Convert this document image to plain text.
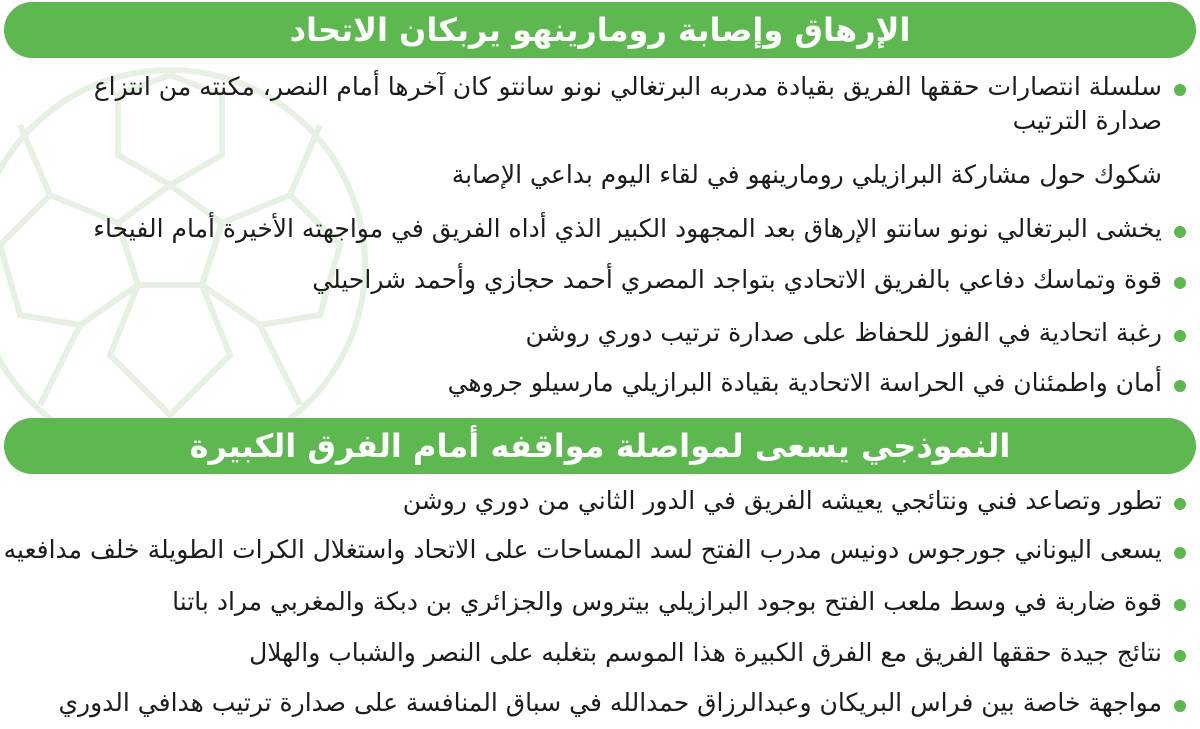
الإرهاق وإصابة رومارينهو يربكان الاتحاد
سلسلة انتصارات حققها الفريق بقيادة مدربه البرتغالي نونو سانتو كان آخرها أمام النصر، مكنته من انتزاع صدارة الترتيب
شكوك حول مشاركة البرازيلي رومارينهو في لقاء اليوم بداعي الإصابة
يخشى البرتغالي نونو سانتو الإرهاق بعد المجهود الكبير الذي أداه الفريق في مواجهته الأخيرة أمام الفيحاء
قوة وتماسك دفاعي بالفريق الاتحادي بتواجد المصري أحمد حجازي وأحمد شراحيلي
رغبة اتحادية في الفوز للحفاظ على صدارة ترتيب دوري روشن
أمان واطمئنان في الحراسة الاتحادية بقيادة البرازيلي مارسيلو جروهي
النموذجي يسعى لمواصلة مواقفه أمام الفرق الكبيرة
تطور وتصاعد فني ونتائجي يعيشه الفريق في الدور الثاني من دوري روشن
يسعى اليوناني جورجوس دونيس مدرب الفتح لسد المساحات على الاتحاد واستغلال الكرات الطويلة خلف مدافعيه
قوة ضاربة في وسط ملعب الفتح بوجود البرازيلي بيتروس والجزائري بن دبكة والمغربي مراد باتنا
نتائج جيدة حققها الفريق مع الفرق الكبيرة هذا الموسم بتغلبه على النصر والشباب والهلال
مواجهة خاصة بين فراس البريكان وعبدالرزاق حمدالله في سباق المنافسة على صدارة ترتيب هدافي الدوري
